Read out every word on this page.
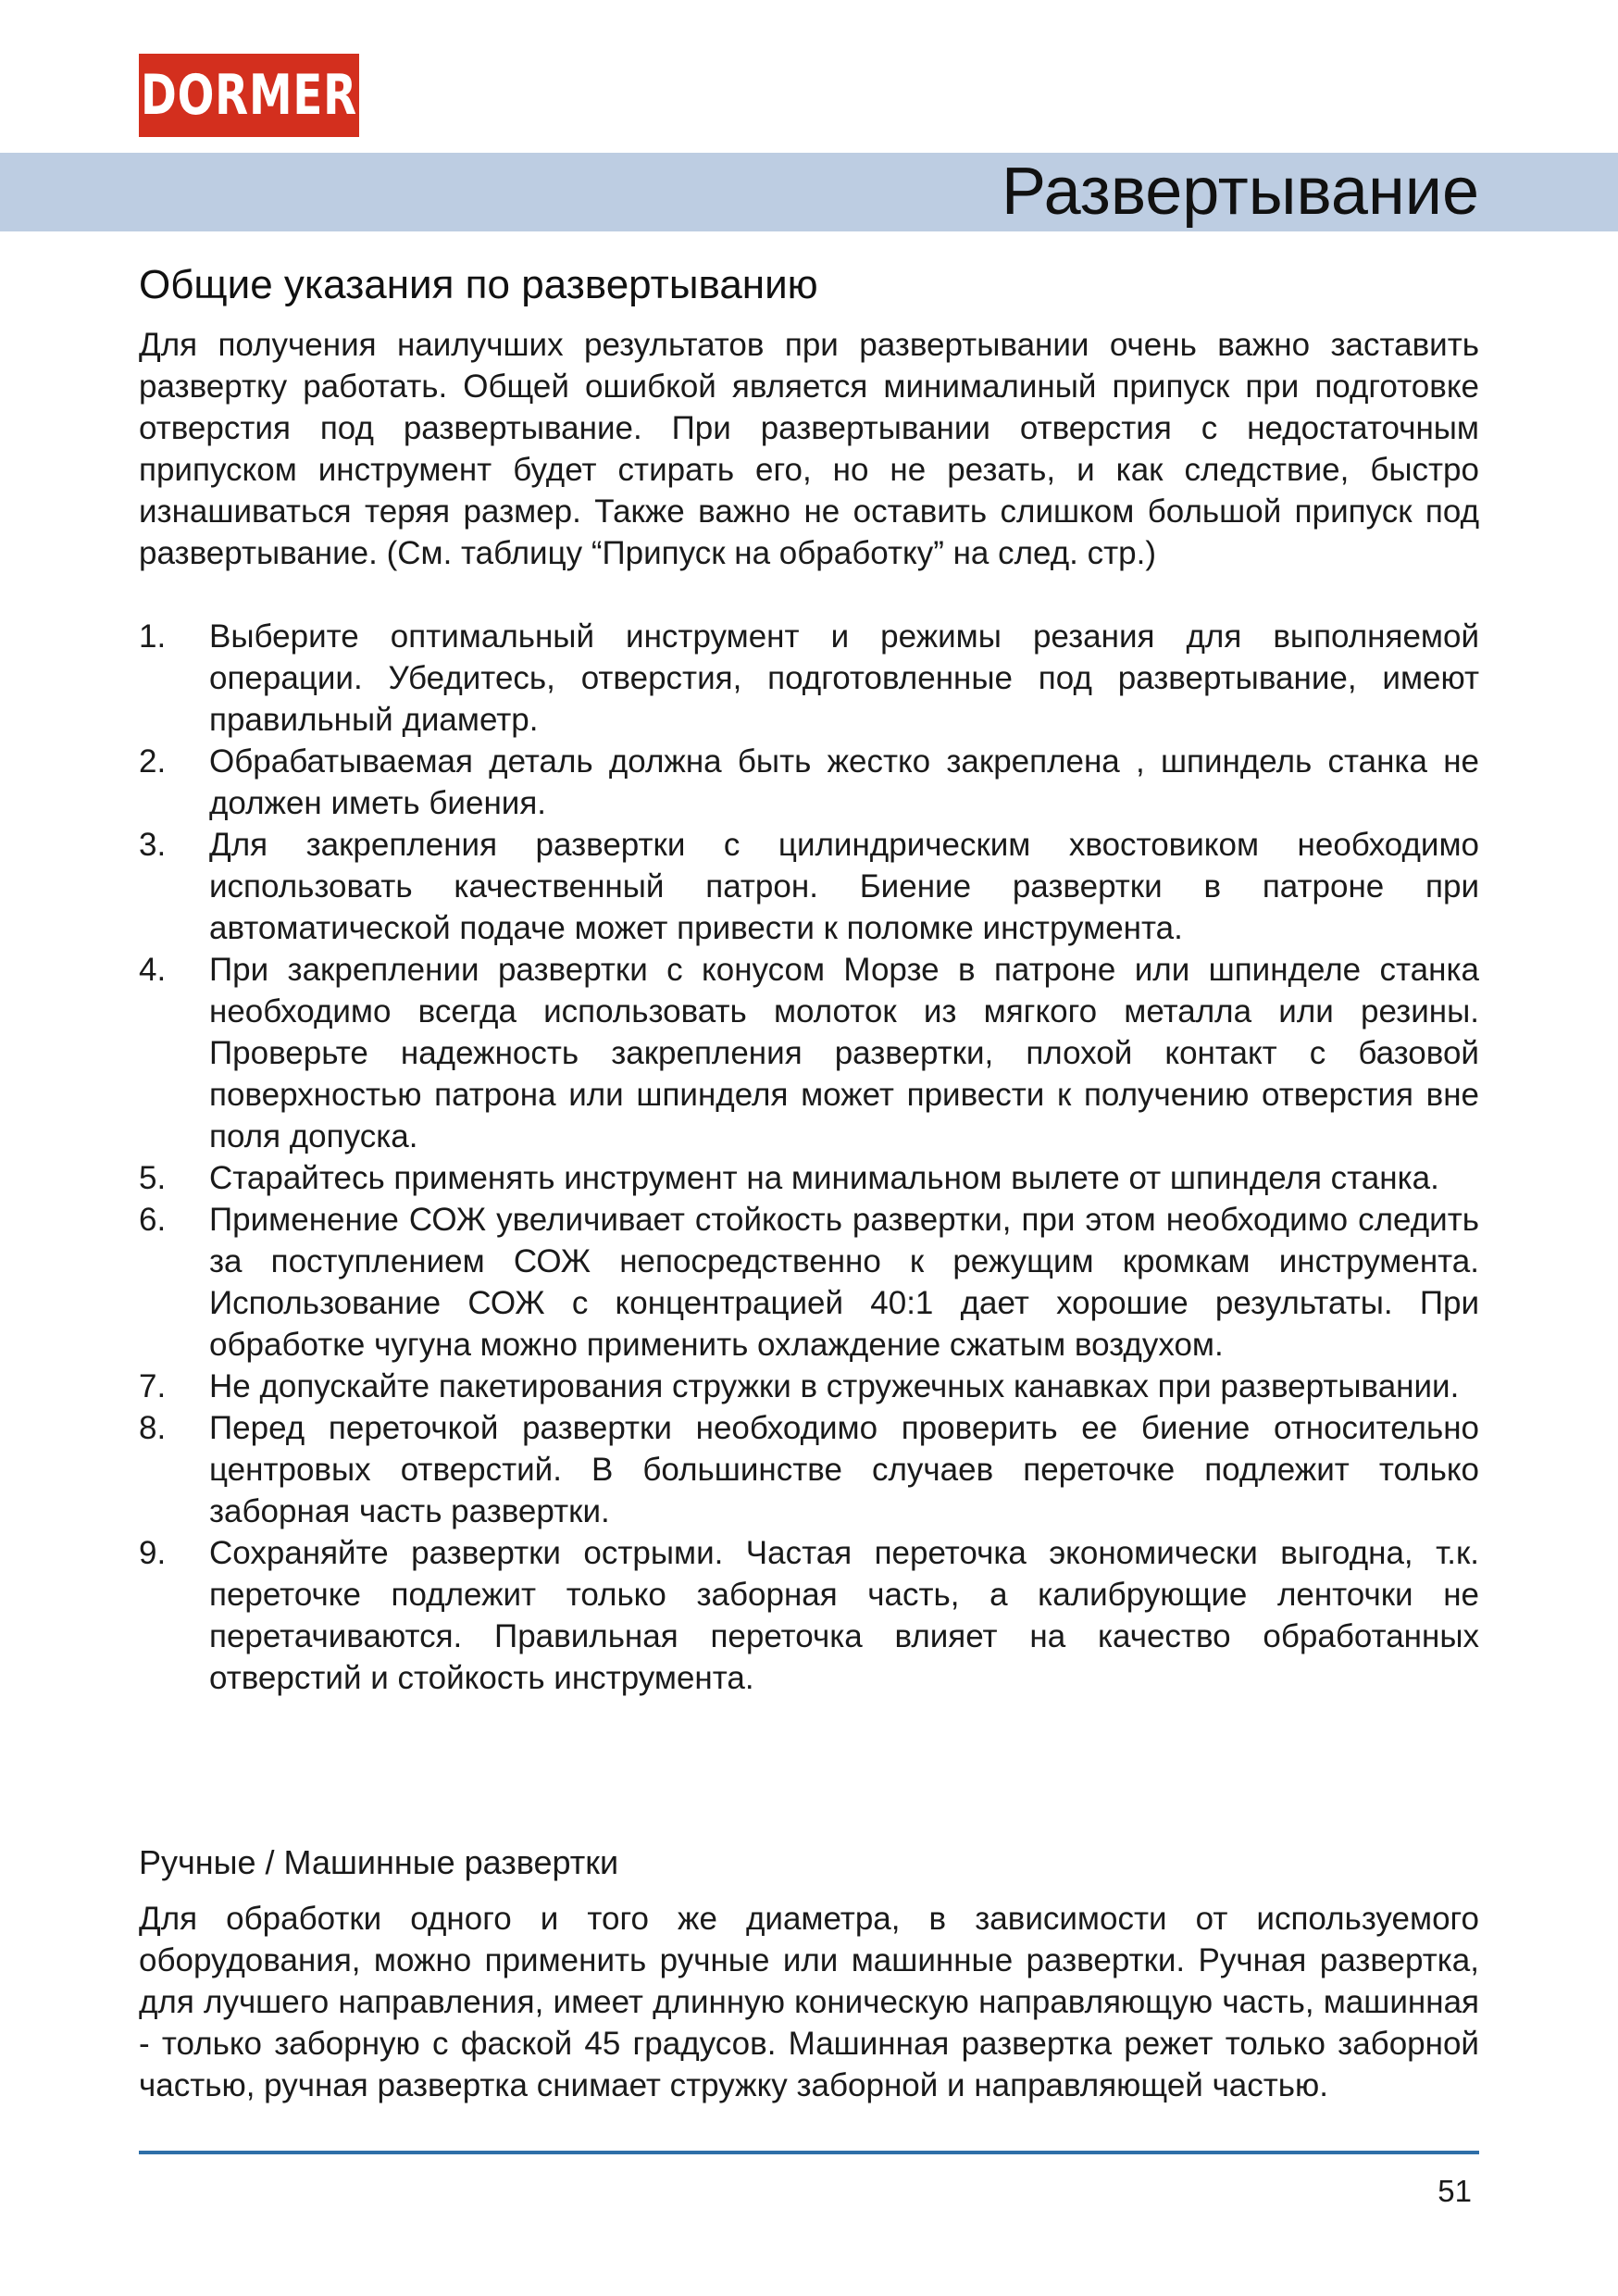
DORMER
Развертывание
Общие указания по развертыванию

Для получения наилучших результатов при развертывании очень важно заставить развертку работать. Общей ошибкой является минималиный припуск при подготовке отверстия под развертывание. При развертывании отверстия с недостаточным припуском инструмент будет стирать его, но не резать, и как следствие, быстро изнашиваться теряя размер. Также важно не оставить слишком большой припуск под развертывание. (См. таблицу “Припуск на обработку” на след. стр.)

1. Выберите оптимальный инструмент и режимы резания для выполняемой операции. Убедитесь, отверстия, подготовленные под развертывание, имеют правильный диаметр.
2. Обрабатываемая деталь должна быть жестко закреплена , шпиндель станка не должен иметь биения.
3. Для закрепления развертки с цилиндрическим хвостовиком необходимо использовать качественный патрон. Биение развертки в патроне при автоматической подаче может привести к поломке инструмента.
4. При закреплении развертки с конусом Морзе в патроне или шпинделе станка необходимо всегда использовать молоток из мягкого металла или резины. Проверьте надежность закрепления развертки, плохой контакт с базовой поверхностью патрона или шпинделя может привести к получению отверстия вне поля допуска.
5. Старайтесь применять инструмент на минимальном вылете от шпинделя станка.
6. Применение СОЖ увеличивает стойкость развертки, при этом необходимо следить за поступлением СОЖ непосредственно к режущим кромкам инструмента. Использование СОЖ с концентрацией 40:1 дает хорошие результаты. При обработке чугуна можно применить охлаждение сжатым воздухом.
7. Не допускайте пакетирования стружки в стружечных канавках при развертывании.
8. Перед переточкой развертки необходимо проверить ее биение относительно центровых отверстий. В большинстве случаев переточке подлежит только заборная часть развертки.
9. Сохраняйте развертки острыми. Частая переточка экономически выгодна, т.к. переточке подлежит только заборная часть, а калибрующие ленточки не перетачиваются. Правильная переточка влияет на качество обработанных отверстий и стойкость инструмента.
Ручные / Машинные развертки

Для обработки одного и того же диаметра, в зависимости от используемого оборудования, можно применить ручные или машинные развертки. Ручная развертка, для лучшего направления, имеет длинную коническую направляющую часть, машинная - только заборную с фаской 45 градусов. Машинная развертка режет только заборной частью, ручная развертка снимает стружку заборной и направляющей частью.

51
